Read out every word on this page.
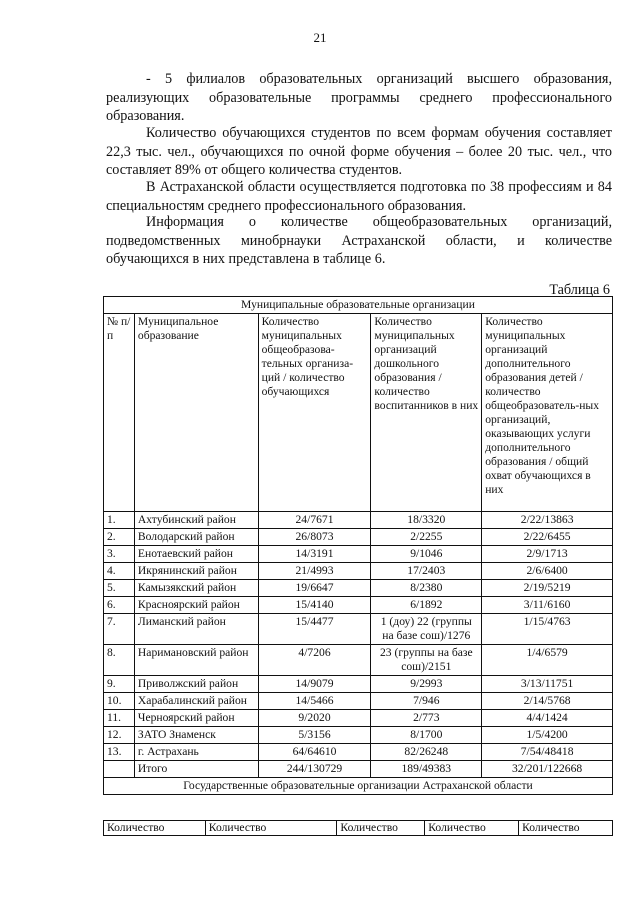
21
- 5 филиалов образовательных организаций высшего образования, реализующих образовательные программы среднего профессионального образования.
Количество обучающихся студентов по всем формам обучения составляет 22,3 тыс. чел., обучающихся по очной форме обучения – более 20 тыс. чел., что составляет 89% от общего количества студентов.
В Астраханской области осуществляется подготовка по 38 профессиям и 84 специальностям среднего профессионального образования.
Информация о количестве общеобразовательных организаций, подведомственных минобрнауки Астраханской области, и количестве обучающихся в них представлена в таблице 6.
Таблица 6
Муниципальные образовательные организации				
№ п/п	Муниципальное образование	Количество муниципальных общеобразова-тельных организа-ций / количество обучающихся	Количество муниципальных организаций дошкольного образования / количество воспитанников в них	Количество муниципальных организаций дополнительного образования детей / количество общеобразователь-ных организаций, оказывающих услуги дополнительного образования / общий охват обучающихся в них
1.	Ахтубинский район	24/7671	18/3320	2/22/13863
2.	Володарский район	26/8073	2/2255	2/22/6455
3.	Енотаевский район	14/3191	9/1046	2/9/1713
4.	Икрянинский район	21/4993	17/2403	2/6/6400
5.	Камызякский район	19/6647	8/2380	2/19/5219
6.	Красноярский район	15/4140	6/1892	3/11/6160
7.	Лиманский район	15/4477	1 (доу) 22 (группы на базе сош)/1276	1/15/4763
8.	Наримановский район	4/7206	23 (группы на базе сош)/2151	1/4/6579
9.	Приволжский район	14/9079	9/2993	3/13/11751
10.	Харабалинский район	14/5466	7/946	2/14/5768
11.	Черноярский район	9/2020	2/773	4/4/1424
12.	ЗАТО Знаменск	5/3156	8/1700	1/5/4200
13.	г. Астрахань	64/64610	82/26248	7/54/48418
	Итого	244/130729	189/49383	32/201/122668
Государственные образовательные организации Астраханской области				
Количество	Количество	Количество	Количество	Количество
